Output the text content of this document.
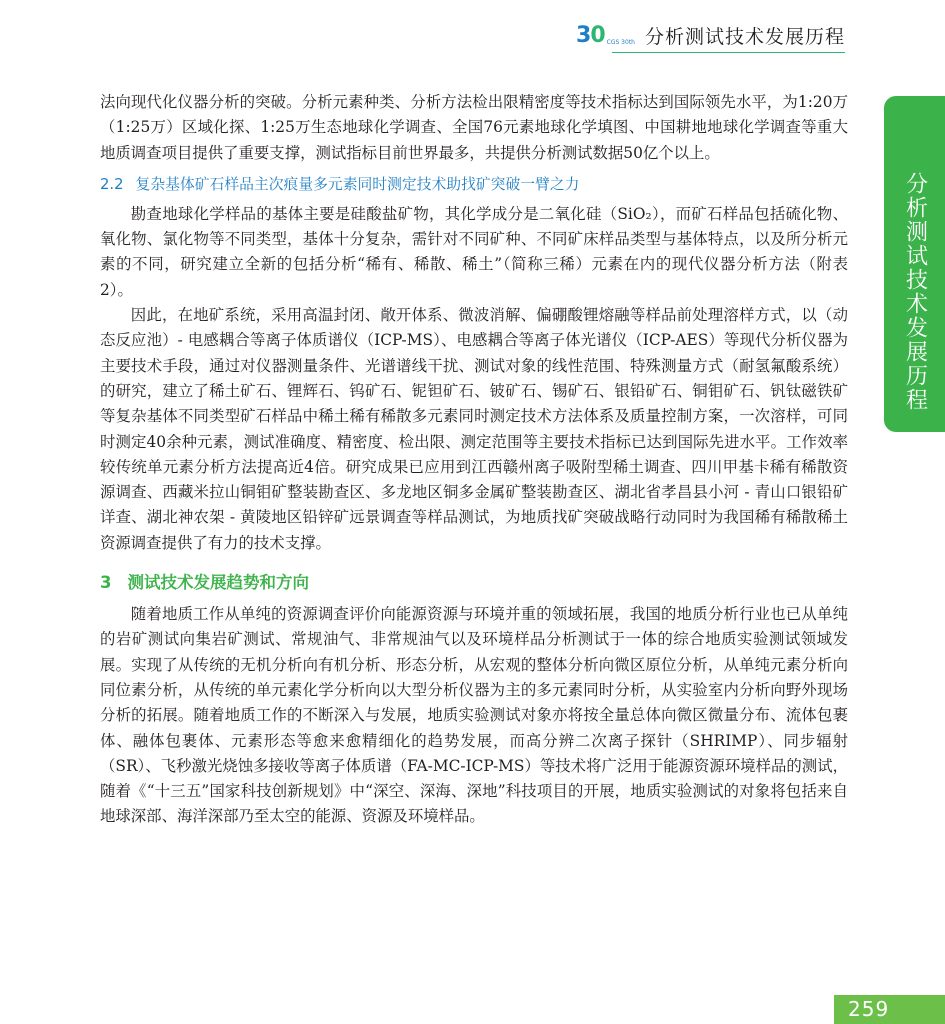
30 CGS 30th 分析测试技术发展历程
分析测试技术发展历程

法向现代化仪器分析的突破。分析元素种类、分析方法检出限精密度等技术指标达到国际领先水平，为1:20万（1:25万）区域化探、1:25万生态地球化学调查、全国76元素地球化学填图、中国耕地地球化学调查等重大地质调查项目提供了重要支撑，测试指标目前世界最多，共提供分析测试数据50亿个以上。

2.2 复杂基体矿石样品主次痕量多元素同时测定技术助找矿突破一臂之力

勘查地球化学样品的基体主要是硅酸盐矿物，其化学成分是二氧化硅（SiO₂），而矿石样品包括硫化物、氧化物、氯化物等不同类型，基体十分复杂，需针对不同矿种、不同矿床样品类型与基体特点，以及所分析元素的不同，研究建立全新的包括分析“稀有、稀散、稀土”（简称三稀）元素在内的现代仪器分析方法（附表2）。

因此，在地矿系统，采用高温封闭、敞开体系、微波消解、偏硼酸锂熔融等样品前处理溶样方式，以（动态反应池）- 电感耦合等离子体质谱仪（ICP-MS）、电感耦合等离子体光谱仪（ICP-AES）等现代分析仪器为主要技术手段，通过对仪器测量条件、光谱谱线干扰、测试对象的线性范围、特殊测量方式（耐氢氟酸系统）的研究，建立了稀土矿石、锂辉石、钨矿石、铌钽矿石、铍矿石、锡矿石、银铅矿石、铜钼矿石、钒钛磁铁矿等复杂基体不同类型矿石样品中稀土稀有稀散多元素同时测定技术方法体系及质量控制方案，一次溶样，可同时测定40余种元素，测试准确度、精密度、检出限、测定范围等主要技术指标已达到国际先进水平。工作效率较传统单元素分析方法提高近4倍。研究成果已应用到江西赣州离子吸附型稀土调查、四川甲基卡稀有稀散资源调查、西藏米拉山铜钼矿整装勘查区、多龙地区铜多金属矿整装勘查区、湖北省孝昌县小河 - 青山口银铅矿详查、湖北神农架 - 黄陵地区铅锌矿远景调查等样品测试，为地质找矿突破战略行动同时为我国稀有稀散稀土资源调查提供了有力的技术支撑。

3 测试技术发展趋势和方向

随着地质工作从单纯的资源调查评价向能源资源与环境并重的领域拓展，我国的地质分析行业也已从单纯的岩矿测试向集岩矿测试、常规油气、非常规油气以及环境样品分析测试于一体的综合地质实验测试领域发展。实现了从传统的无机分析向有机分析、形态分析，从宏观的整体分析向微区原位分析，从单纯元素分析向同位素分析，从传统的单元素化学分析向以大型分析仪器为主的多元素同时分析，从实验室内分析向野外现场分析的拓展。随着地质工作的不断深入与发展，地质实验测试对象亦将按全量总体向微区微量分布、流体包裹体、融体包裹体、元素形态等愈来愈精细化的趋势发展，而高分辨二次离子探针（SHRIMP）、同步辐射（SR）、飞秒激光烧蚀多接收等离子体质谱（FA-MC-ICP-MS）等技术将广泛用于能源资源环境样品的测试，随着《“十三五”国家科技创新规划》中“深空、深海、深地”科技项目的开展，地质实验测试的对象将包括来自地球深部、海洋深部乃至太空的能源、资源及环境样品。

259
